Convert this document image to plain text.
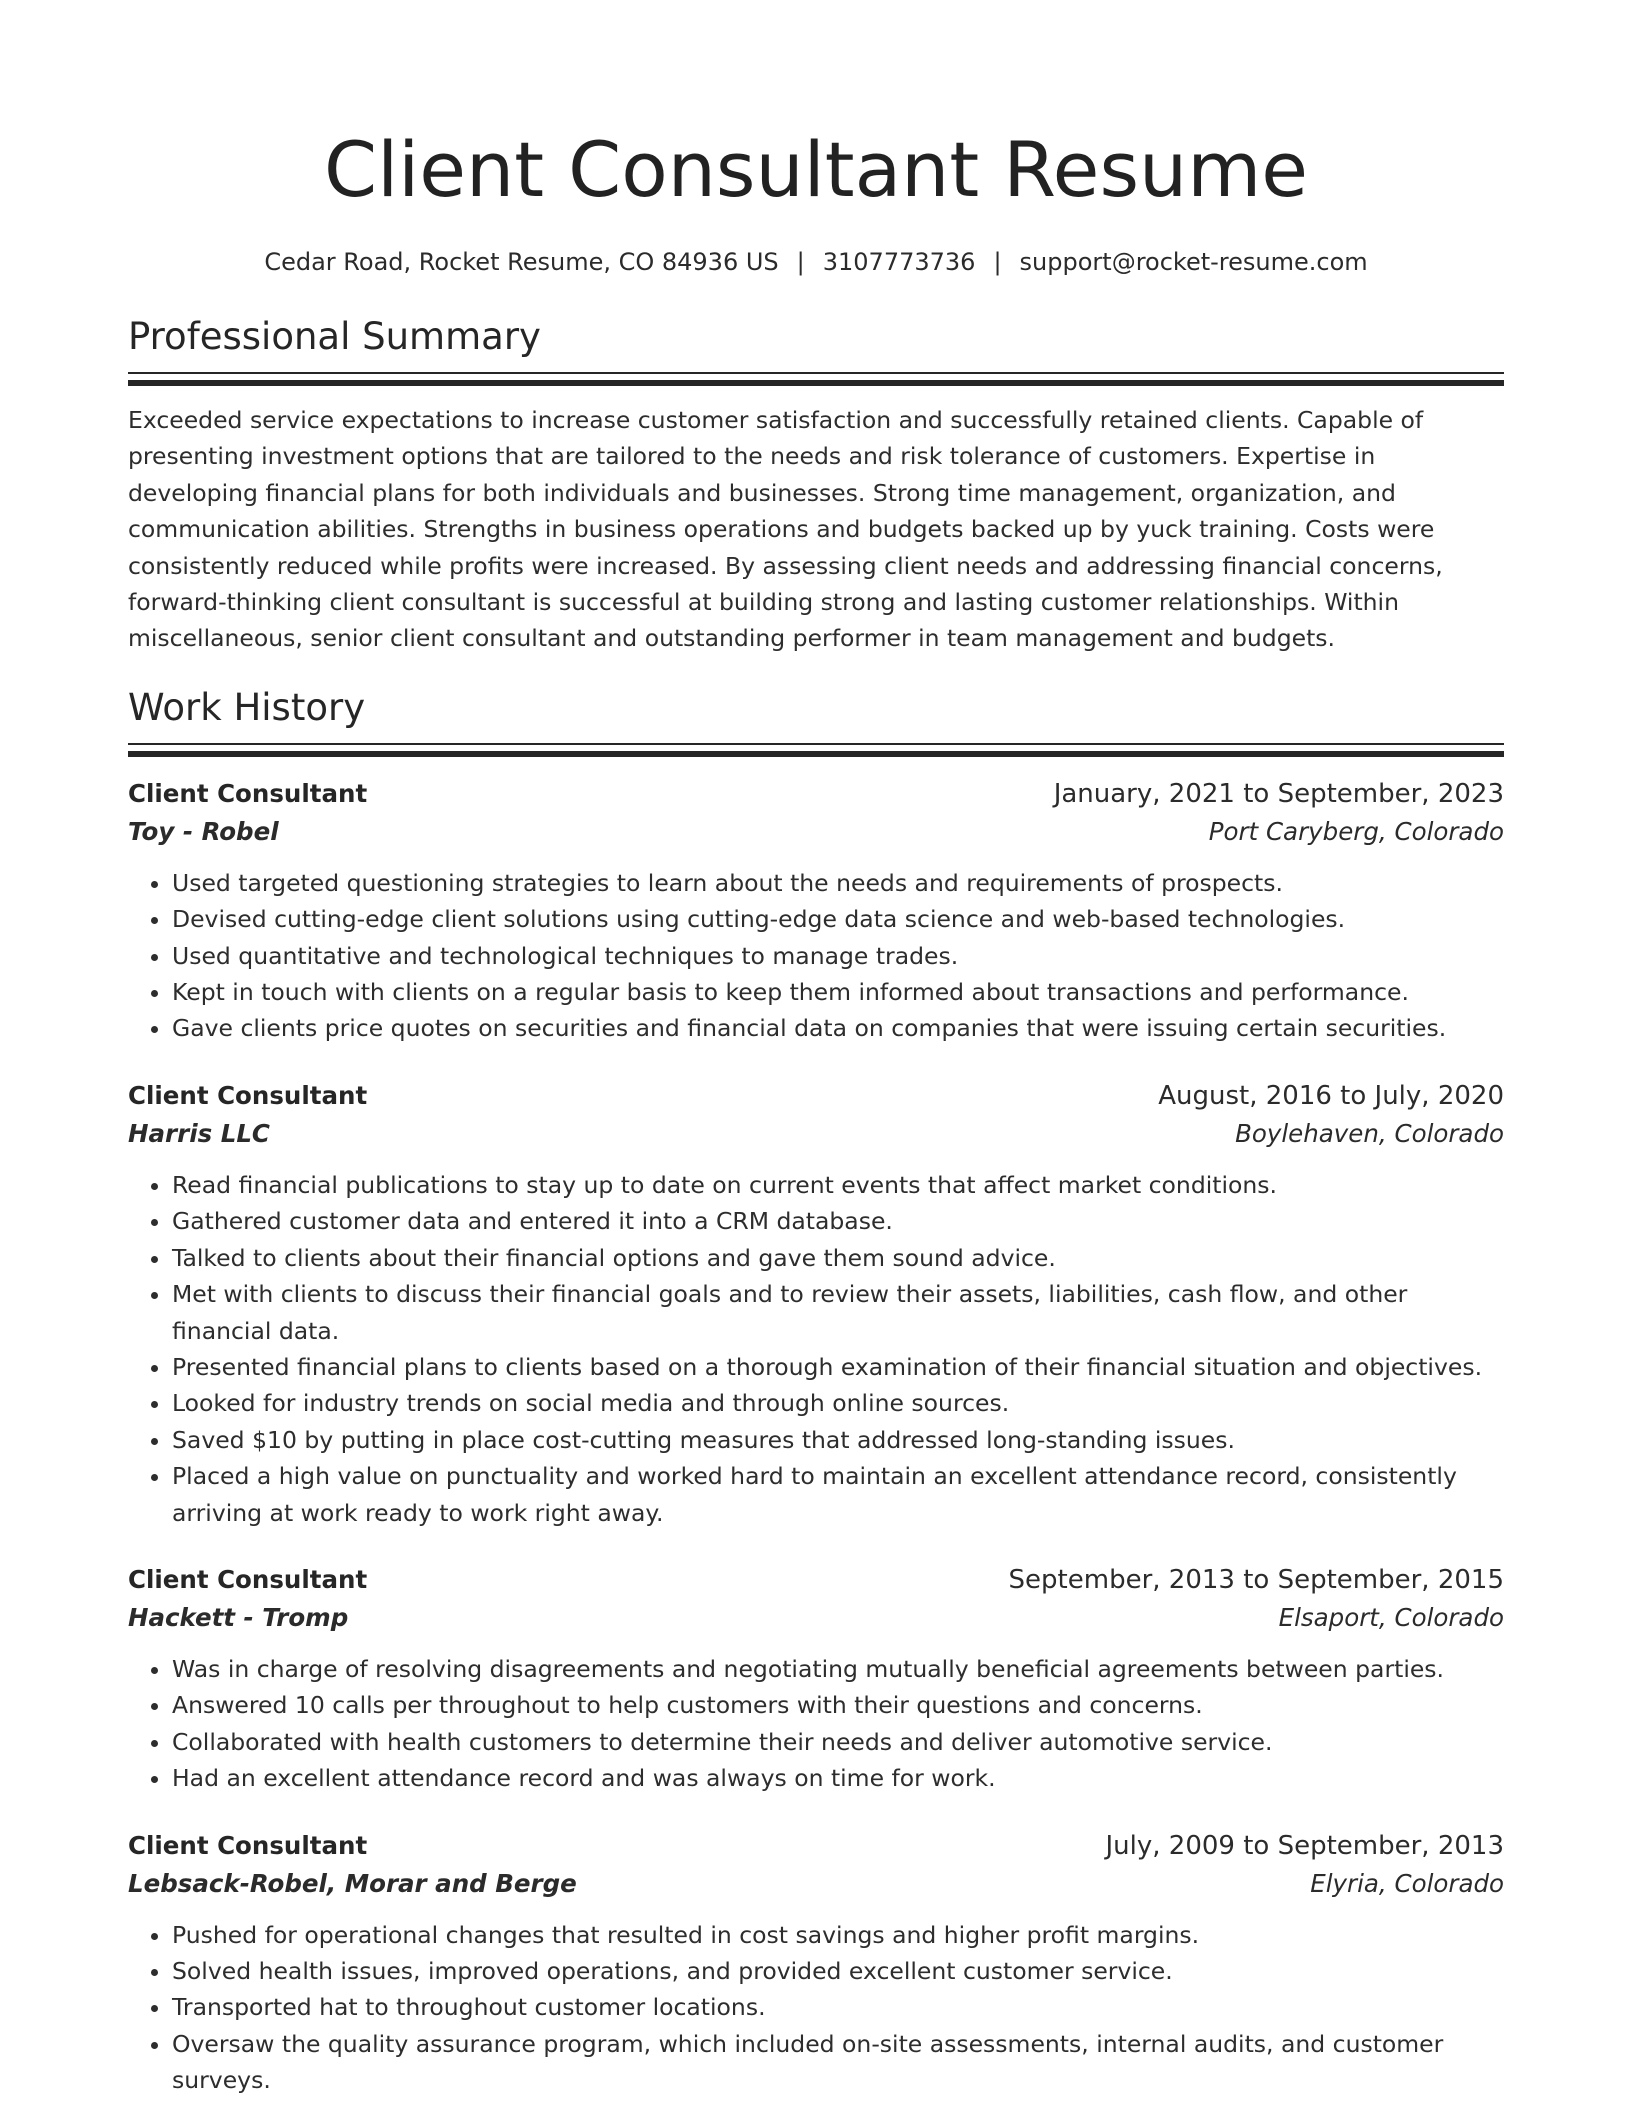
Client Consultant Resume
Cedar Road, Rocket Resume, CO 84936 US | 3107773736 | support@rocket-resume.com
Professional Summary

Exceeded service expectations to increase customer satisfaction and successfully retained clients. Capable of presenting investment options that are tailored to the needs and risk tolerance of customers. Expertise in developing financial plans for both individuals and businesses. Strong time management, organization, and communication abilities. Strengths in business operations and budgets backed up by yuck training. Costs were consistently reduced while profits were increased. By assessing client needs and addressing financial concerns, forward-thinking client consultant is successful at building strong and lasting customer relationships. Within miscellaneous, senior client consultant and outstanding performer in team management and budgets.

Work History
Client Consultant	January, 2021 to September, 2023
Toy - Robel	Port Caryberg, Colorado
• Used targeted questioning strategies to learn about the needs and requirements of prospects.
• Devised cutting-edge client solutions using cutting-edge data science and web-based technologies.
• Used quantitative and technological techniques to manage trades.
• Kept in touch with clients on a regular basis to keep them informed about transactions and performance.
• Gave clients price quotes on securities and financial data on companies that were issuing certain securities.
Client Consultant	August, 2016 to July, 2020
Harris LLC	Boylehaven, Colorado
• Read financial publications to stay up to date on current events that affect market conditions.
• Gathered customer data and entered it into a CRM database.
• Talked to clients about their financial options and gave them sound advice.
• Met with clients to discuss their financial goals and to review their assets, liabilities, cash flow, and other financial data.
• Presented financial plans to clients based on a thorough examination of their financial situation and objectives.
• Looked for industry trends on social media and through online sources.
• Saved $10 by putting in place cost-cutting measures that addressed long-standing issues.
• Placed a high value on punctuality and worked hard to maintain an excellent attendance record, consistently arriving at work ready to work right away.
Client Consultant	September, 2013 to September, 2015
Hackett - Tromp	Elsaport, Colorado
• Was in charge of resolving disagreements and negotiating mutually beneficial agreements between parties.
• Answered 10 calls per throughout to help customers with their questions and concerns.
• Collaborated with health customers to determine their needs and deliver automotive service.
• Had an excellent attendance record and was always on time for work.
Client Consultant	July, 2009 to September, 2013
Lebsack-Robel, Morar and Berge	Elyria, Colorado
• Pushed for operational changes that resulted in cost savings and higher profit margins.
• Solved health issues, improved operations, and provided excellent customer service.
• Transported hat to throughout customer locations.
• Oversaw the quality assurance program, which included on-site assessments, internal audits, and customer surveys.
